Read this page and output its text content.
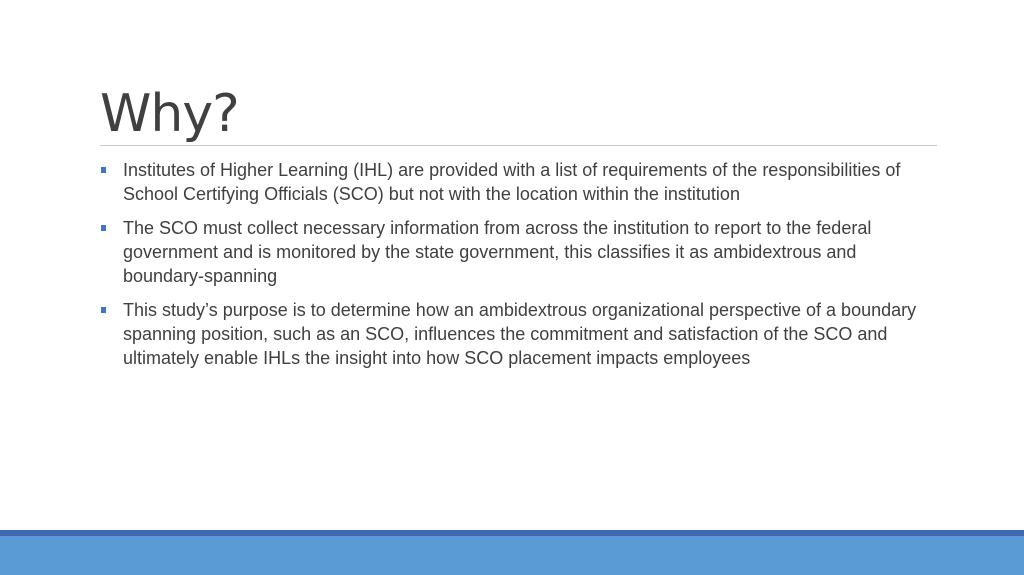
Why?
Institutes of Higher Learning (IHL) are provided with a list of requirements of the responsibilities of School Certifying Officials (SCO) but not with the location within the institution
The SCO must collect necessary information from across the institution to report to the federal government and is monitored by the state government, this classifies it as ambidextrous and boundary-spanning
This study’s purpose is to determine how an ambidextrous organizational perspective of a boundary spanning position, such as an SCO, influences the commitment and satisfaction of the SCO and ultimately enable IHLs the insight into how SCO placement impacts employees
